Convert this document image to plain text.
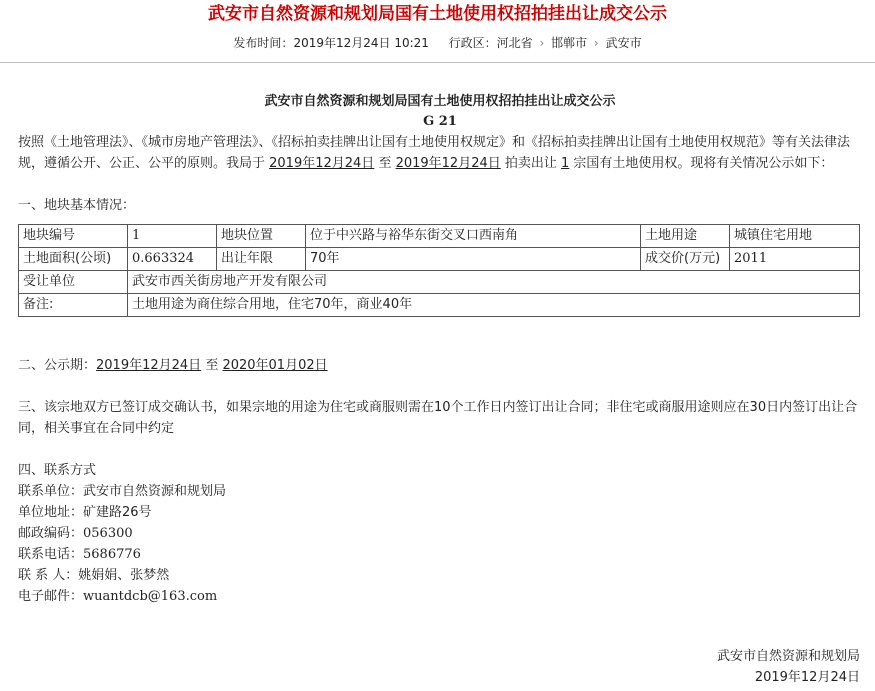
武安市自然资源和规划局国有土地使用权招拍挂出让成交公示
发布时间：2019年12月24日 10:21 行政区：河北省 › 邯郸市 › 武安市
武安市自然资源和规划局国有土地使用权招拍挂出让成交公示
G 21

按照《土地管理法》、《城市房地产管理法》、《招标拍卖挂牌出让国有土地使用权规定》和《招标拍卖挂牌出让国有土地使用权规范》等有关法律法规，遵循公开、公正、公平的原则。我局于 2019年12月24日 至 2019年12月24日 拍卖出让 1 宗国有土地使用权。现将有关情况公示如下：

一、地块基本情况：

地块编号	1	地块位置	位于中兴路与裕华东街交叉口西南角	土地用途	城镇住宅用地
土地面积(公顷)	0.663324	出让年限	70年	成交价(万元)	2011
受让单位	武安市西关街房地产开发有限公司				
备注:	土地用途为商住综合用地，住宅70年，商业40年				

二、公示期：2019年12月24日 至 2020年01月02日

三、该宗地双方已签订成交确认书，如果宗地的用途为住宅或商服则需在10个工作日内签订出让合同；非住宅或商服用途则应在30日内签订出让合同，相关事宜在合同中约定

四、联系方式

联系单位：武安市自然资源和规划局

单位地址：矿建路26号

邮政编码：056300

联系电话：5686776

联 系 人：姚娟娟、张梦然

电子邮件：wuantdcb@163.com

武安市自然资源和规划局
2019年12月24日
